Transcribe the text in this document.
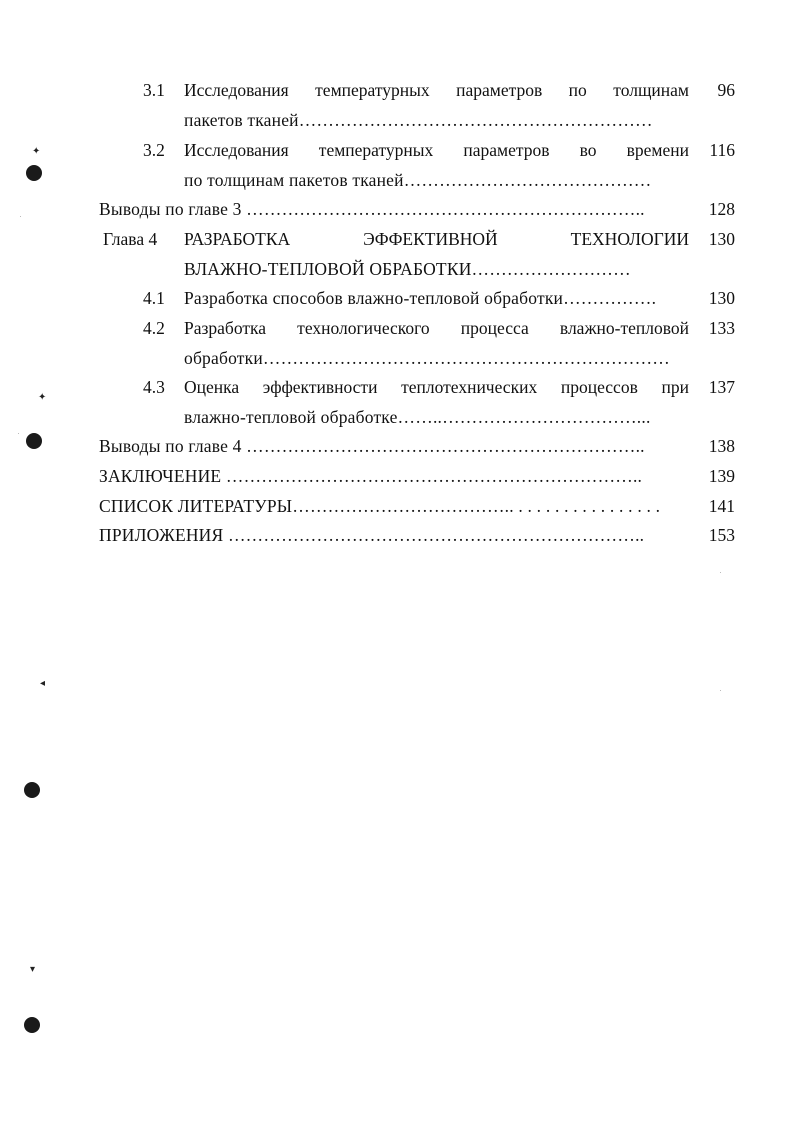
3.1 Исследования температурных параметров по толщинам	96
пакетов тканей……………………………………………………
3.2 Исследования температурных параметров во времени	116
по толщинам пакетов тканей……………………………………
Выводы по главе 3 …………………………………………………………..	128
Глава 4 РАЗРАБОТКА ЭФФЕКТИВНОЙ ТЕХНОЛОГИИ	130
ВЛАЖНО-ТЕПЛОВОЙ ОБРАБОТКИ………………………
4.1 Разработка способов влажно-тепловой обработки…………….	130
4.2 Разработка технологического процесса влажно-тепловой	133
обработки……………………………………………………………
4.3 Оценка эффективности теплотехнических процессов при	137
влажно-тепловой обработке……..……………………………...
Выводы по главе 4 …………………………………………………………..	138
ЗАКЛЮЧЕНИЕ ……………………………………………………………..	139
СПИСОК ЛИТЕРАТУРЫ……………………………….. . . . . . . . . . . . . . . . .	141
ПРИЛОЖЕНИЯ ……………………………………………………………..	153
✦
✦
◂
▾
